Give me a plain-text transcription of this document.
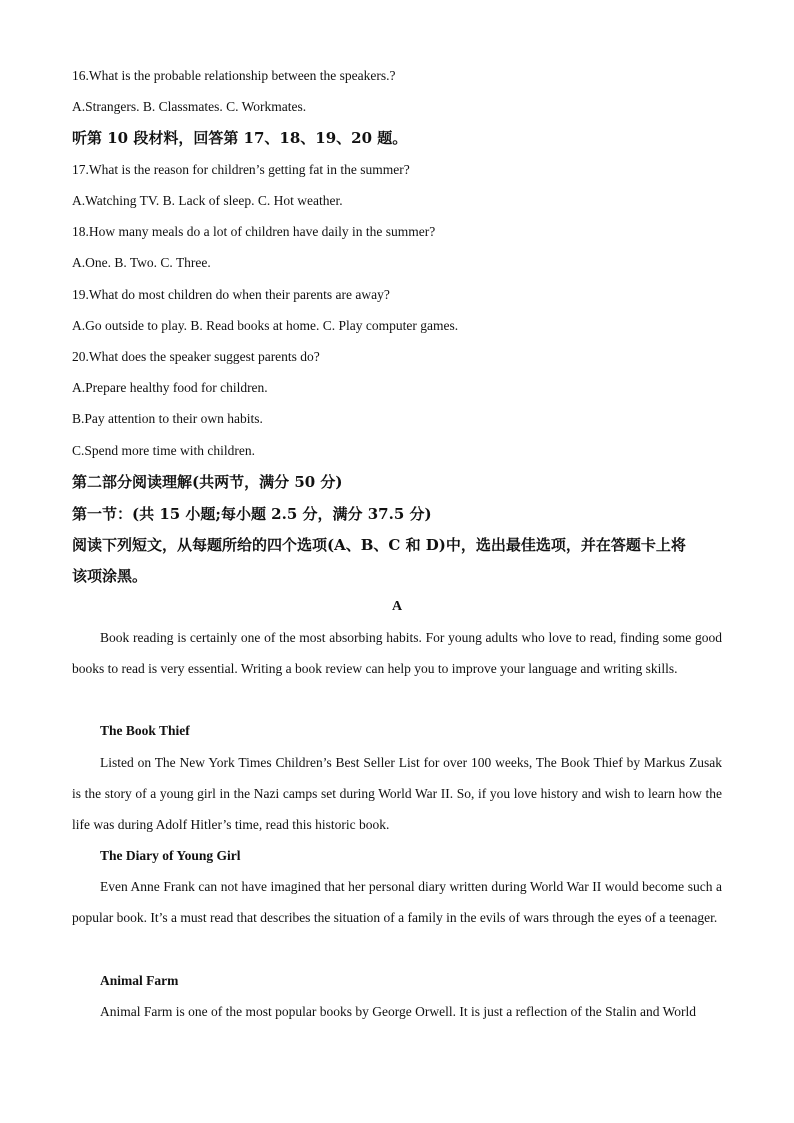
16.What is the probable relationship between the speakers.?
A.Strangers. B. Classmates. C. Workmates.
听第 10 段材料，回答第 17、18、19、20 题。
17.What is the reason for children’s getting fat in the summer?
A.Watching TV. B. Lack of sleep. C. Hot weather.
18.How many meals do a lot of children have daily in the summer?
A.One. B. Two. C. Three.
19.What do most children do when their parents are away?
A.Go outside to play. B. Read books at home. C. Play computer games.
20.What does the speaker suggest parents do?
A.Prepare healthy food for children.
B.Pay attention to their own habits.
C.Spend more time with children.
第二部分阅读理解(共两节，满分 50 分)
第一节：(共 15 小题;每小题 2.5 分，满分 37.5 分)
阅读下列短文，从每题所给的四个选项(A、B、C 和 D)中，选出最佳选项，并在答题卡上将
该项涂黑。
A
Book reading is certainly one of the most absorbing habits. For young adults who love to read, finding some good books to read is very essential. Writing a book review can help you to improve your language and writing skills.
The Book Thief
Listed on The New York Times Children’s Best Seller List for over 100 weeks, The Book Thief by Markus Zusak is the story of a young girl in the Nazi camps set during World War II. So, if you love history and wish to learn how the life was during Adolf Hitler’s time, read this historic book.
The Diary of Young Girl
Even Anne Frank can not have imagined that her personal diary written during World War II would become such a popular book. It’s a must read that describes the situation of a family in the evils of wars through the eyes of a teenager.
Animal Farm
Animal Farm is one of the most popular books by George Orwell. It is just a reflection of the Stalin and World
